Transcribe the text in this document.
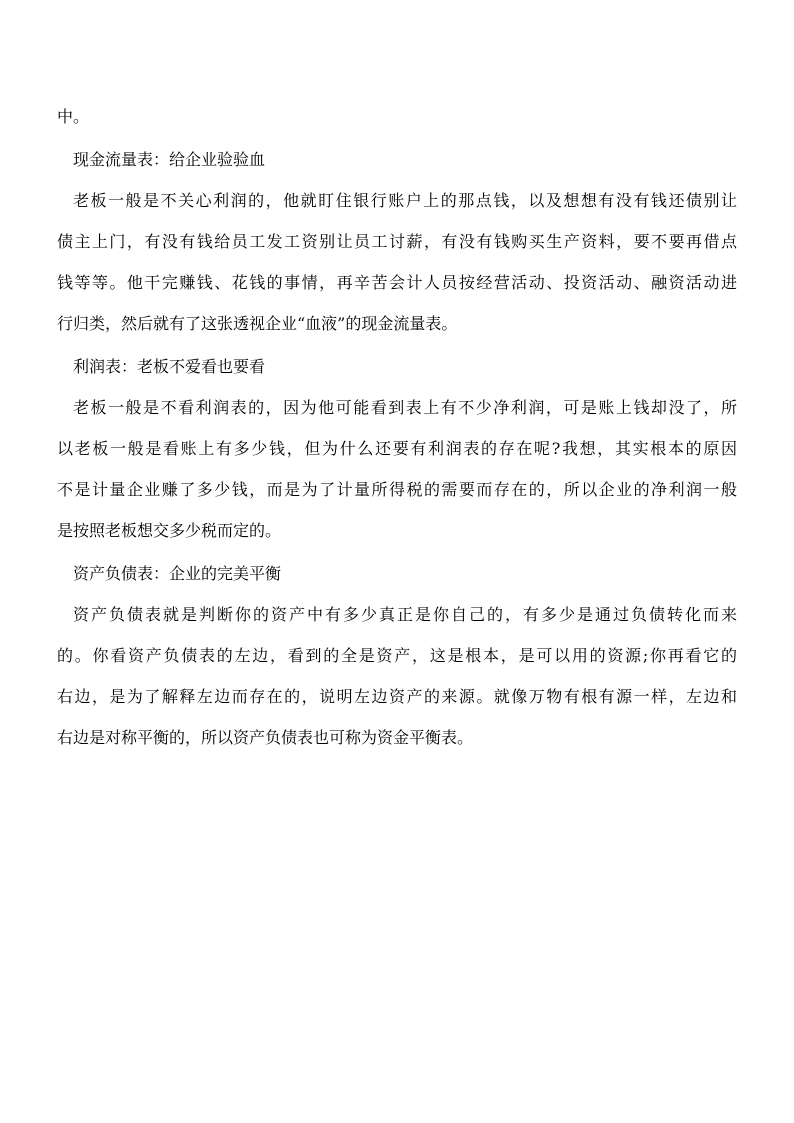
中。
现金流量表：给企业验验血
老板一般是不关心利润的，他就盯住银行账户上的那点钱，以及想想有没有钱还债别让
债主上门，有没有钱给员工发工资别让员工讨薪，有没有钱购买生产资料，要不要再借点
钱等等。他干完赚钱、花钱的事情，再辛苦会计人员按经营活动、投资活动、融资活动进
行归类，然后就有了这张透视企业“血液”的现金流量表。
利润表：老板不爱看也要看
老板一般是不看利润表的，因为他可能看到表上有不少净利润，可是账上钱却没了，所
以老板一般是看账上有多少钱，但为什么还要有利润表的存在呢?我想，其实根本的原因
不是计量企业赚了多少钱，而是为了计量所得税的需要而存在的，所以企业的净利润一般
是按照老板想交多少税而定的。
资产负债表：企业的完美平衡
资产负债表就是判断你的资产中有多少真正是你自己的，有多少是通过负债转化而来
的。你看资产负债表的左边，看到的全是资产，这是根本，是可以用的资源;你再看它的
右边，是为了解释左边而存在的，说明左边资产的来源。就像万物有根有源一样，左边和
右边是对称平衡的，所以资产负债表也可称为资金平衡表。
